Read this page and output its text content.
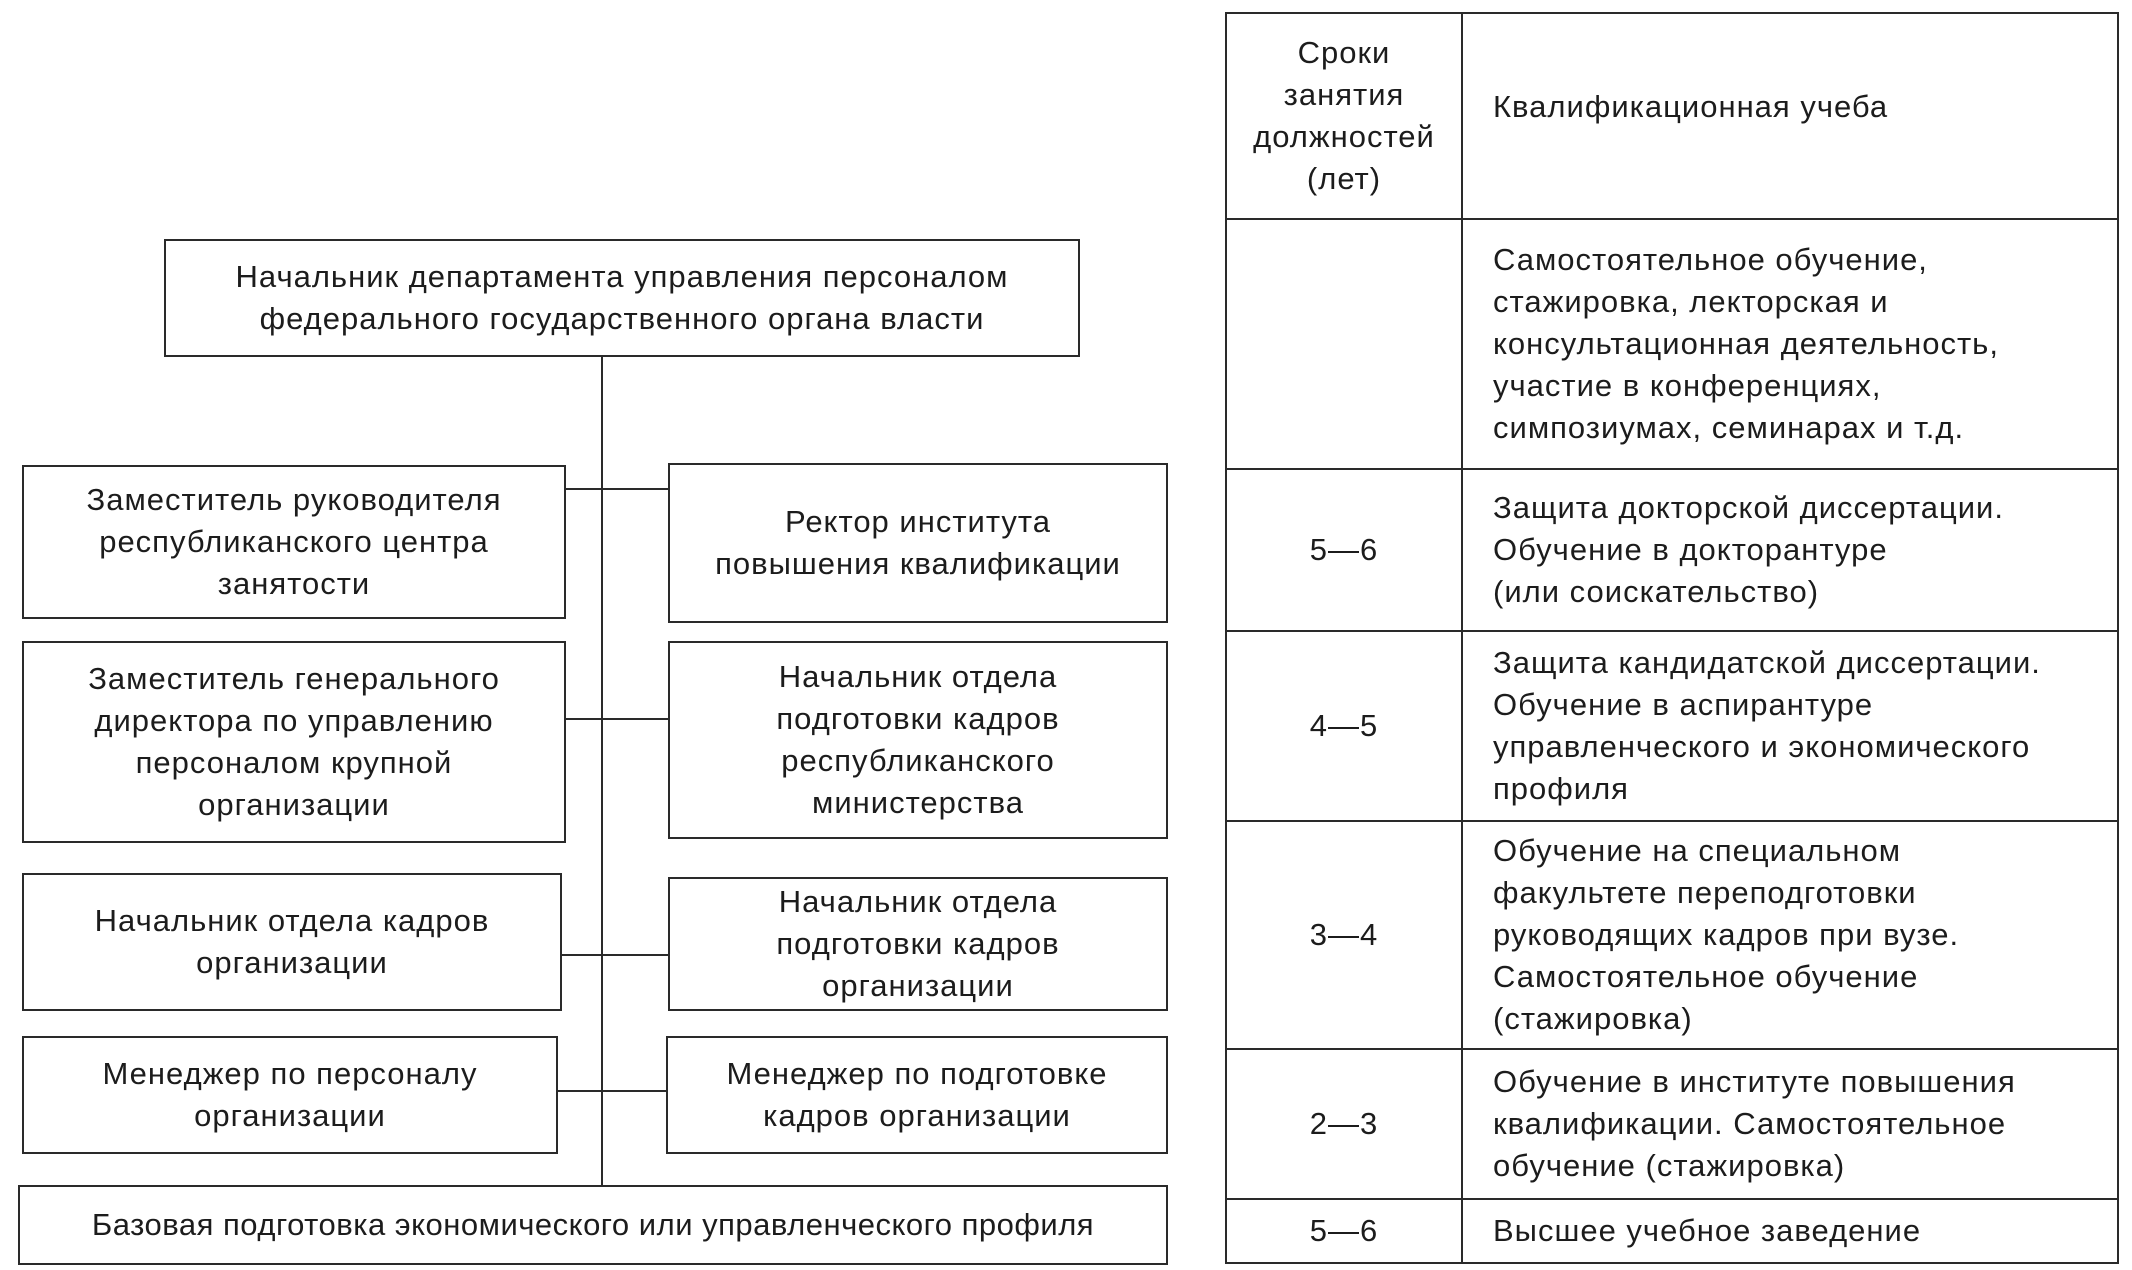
Начальник департамента управления персоналом
федерального государственного органа власти
Заместитель руководителя
республиканского центра
занятости
Заместитель генерального
директора по управлению
персоналом крупной
организации
Начальник отдела кадров
организации
Менеджер по персоналу
организации
Ректор института
повышения квалификации
Начальник отдела
подготовки кадров
республиканского
министерства
Начальник отдела
подготовки кадров
организации
Менеджер по подготовке
кадров организации
Базовая подготовка экономического или управленческого профиля
Сроки
занятия
должностей
(лет)
Квалификационная учеба
Самостоятельное обучение,
стажировка, лекторская и
консультационная деятельность,
участие в конференциях,
симпозиумах, семинарах и т.д.
5—6
Защита докторской диссертации.
Обучение в докторантуре
(или соискательство)
4—5
Защита кандидатской диссертации.
Обучение в аспирантуре
управленческого и экономического
профиля
3—4
Обучение на специальном
факультете переподготовки
руководящих кадров при вузе.
Самостоятельное обучение
(стажировка)
2—3
Обучение в институте повышения
квалификации. Самостоятельное
обучение (стажировка)
5—6	Высшее учебное заведение
